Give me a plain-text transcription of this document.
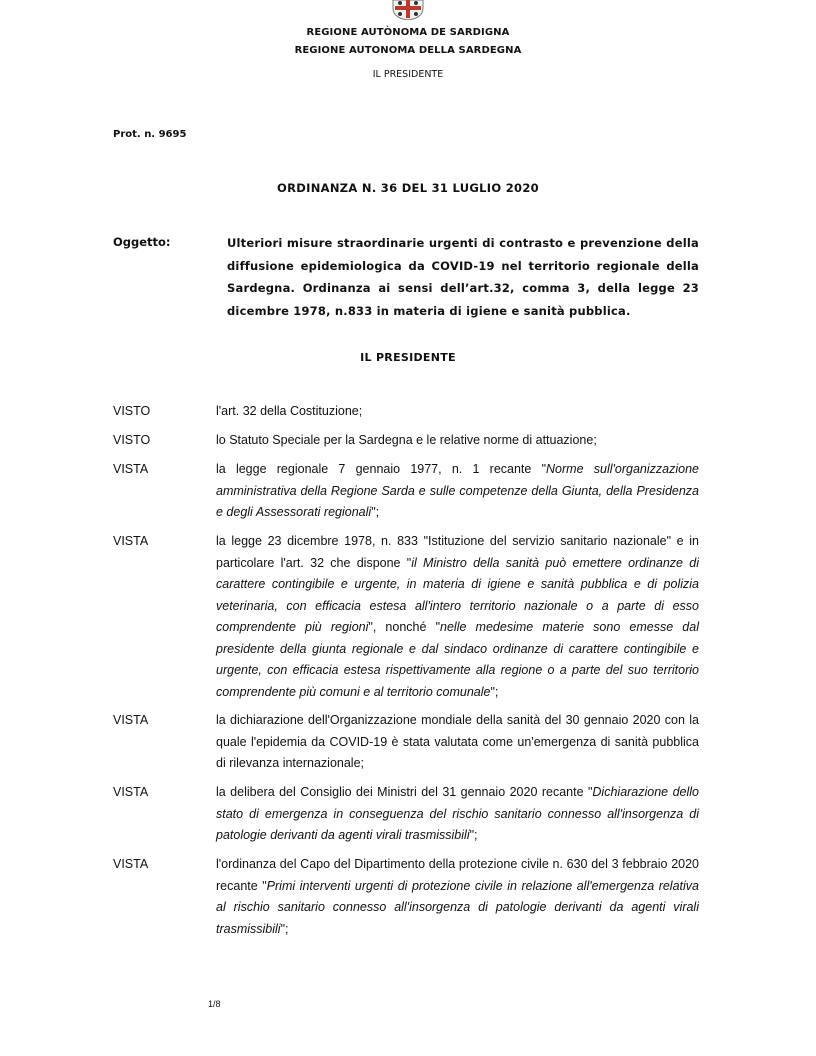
REGIONE AUTÒNOMA DE SARDIGNA
REGIONE AUTONOMA DELLA SARDEGNA
IL PRESIDENTE
Prot. n. 9695
ORDINANZA N. 36 DEL 31 LUGLIO 2020
Oggetto:	Ulteriori misure straordinarie urgenti di contrasto e prevenzione della diffusione epidemiologica da COVID-19 nel territorio regionale della Sardegna. Ordinanza ai sensi dell’art.32, comma 3, della legge 23 dicembre 1978, n.833 in materia di igiene e sanità pubblica.
IL PRESIDENTE
VISTO	l'art. 32 della Costituzione;
VISTO	lo Statuto Speciale per la Sardegna e le relative norme di attuazione;
VISTA	la legge regionale 7 gennaio 1977, n. 1 recante "Norme sull'organizzazione amministrativa della Regione Sarda e sulle competenze della Giunta, della Presidenza e degli Assessorati regionali";
VISTA	la legge 23 dicembre 1978, n. 833 "Istituzione del servizio sanitario nazionale" e in particolare l'art. 32 che dispone "il Ministro della sanità può emettere ordinanze di carattere contingibile e urgente, in materia di igiene e sanità pubblica e di polizia veterinaria, con efficacia estesa all'intero territorio nazionale o a parte di esso comprendente più regioni", nonché "nelle medesime materie sono emesse dal presidente della giunta regionale e dal sindaco ordinanze di carattere contingibile e urgente, con efficacia estesa rispettivamente alla regione o a parte del suo territorio comprendente più comuni e al territorio comunale";
VISTA	la dichiarazione dell'Organizzazione mondiale della sanità del 30 gennaio 2020 con la quale l'epidemia da COVID-19 è stata valutata come un'emergenza di sanità pubblica di rilevanza internazionale;
VISTA	la delibera del Consiglio dei Ministri del 31 gennaio 2020 recante "Dichiarazione dello stato di emergenza in conseguenza del rischio sanitario connesso all'insorgenza di patologie derivanti da agenti virali trasmissibili";
VISTA	l'ordinanza del Capo del Dipartimento della protezione civile n. 630 del 3 febbraio 2020 recante "Primi interventi urgenti di protezione civile in relazione all'emergenza relativa al rischio sanitario connesso all'insorgenza di patologie derivanti da agenti virali trasmissibili";
1/8
